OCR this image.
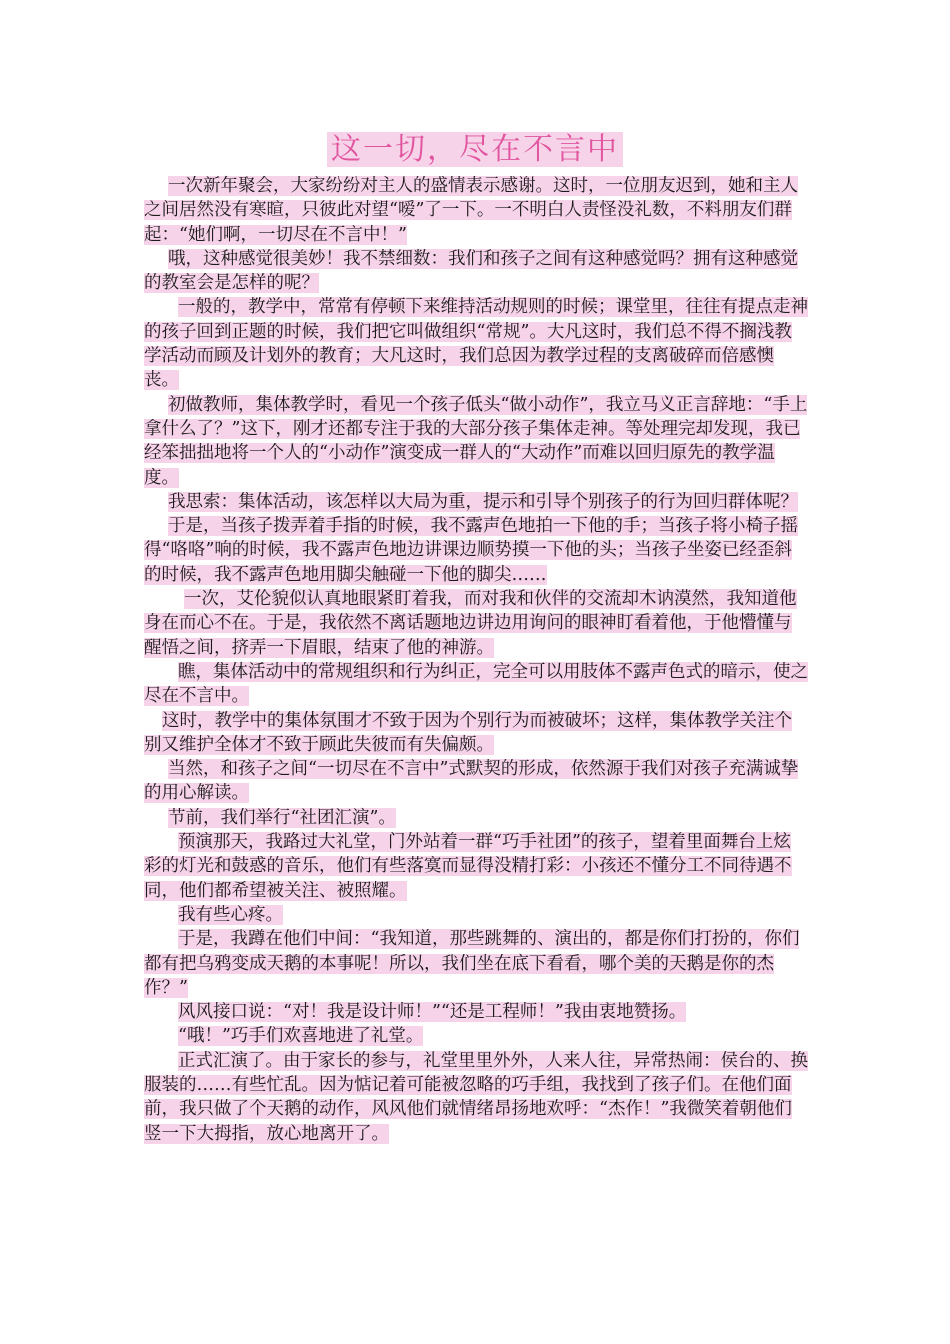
这一切，尽在不言中

一次新年聚会，大家纷纷对主人的盛情表示感谢。这时，一位朋友迟到，她和主人之间居然没有寒暄，只彼此对望“嗳”了一下。一不明白人责怪没礼数，不料朋友们群起：“她们啊，一切尽在不言中！”

哦，这种感觉很美妙！我不禁细数：我们和孩子之间有这种感觉吗？拥有这种感觉的教室会是怎样的呢？

一般的，教学中，常常有停顿下来维持活动规则的时候；课堂里，往往有提点走神的孩子回到正题的时候，我们把它叫做组织“常规”。大凡这时，我们总不得不搁浅教学活动而顾及计划外的教育；大凡这时，我们总因为教学过程的支离破碎而倍感懊丧。

初做教师，集体教学时，看见一个孩子低头“做小动作”，我立马义正言辞地：“手上拿什么了？”这下，刚才还都专注于我的大部分孩子集体走神。等处理完却发现，我已经笨拙拙地将一个人的“小动作”演变成一群人的“大动作”而难以回归原先的教学温度。

我思索：集体活动，该怎样以大局为重，提示和引导个别孩子的行为回归群体呢？

于是，当孩子拨弄着手指的时候，我不露声色地拍一下他的手；当孩子将小椅子摇得“咯咯”响的时候，我不露声色地边讲课边顺势摸一下他的头；当孩子坐姿已经歪斜的时候，我不露声色地用脚尖触碰一下他的脚尖……

一次，艾伦貌似认真地眼紧盯着我，而对我和伙伴的交流却木讷漠然，我知道他身在而心不在。于是，我依然不离话题地边讲边用询问的眼神盯看着他，于他懵懂与醒悟之间，挤弄一下眉眼，结束了他的神游。

瞧，集体活动中的常规组织和行为纠正，完全可以用肢体不露声色式的暗示，使之尽在不言中。

这时，教学中的集体氛围才不致于因为个别行为而被破坏；这样，集体教学关注个别又维护全体才不致于顾此失彼而有失偏颇。

当然，和孩子之间“一切尽在不言中”式默契的形成，依然源于我们对孩子充满诚挚的用心解读。

节前，我们举行“社团汇演”。

预演那天，我路过大礼堂，门外站着一群“巧手社团”的孩子，望着里面舞台上炫彩的灯光和鼓惑的音乐，他们有些落寞而显得没精打彩：小孩还不懂分工不同待遇不同，他们都希望被关注、被照耀。

我有些心疼。

于是，我蹲在他们中间：“我知道，那些跳舞的、演出的，都是你们打扮的，你们都有把乌鸦变成天鹅的本事呢！所以，我们坐在底下看看，哪个美的天鹅是你的杰作？”

风风接口说：“对！我是设计师！”“还是工程师！”我由衷地赞扬。

“哦！”巧手们欢喜地进了礼堂。

正式汇演了。由于家长的参与，礼堂里里外外，人来人往，异常热闹：侯台的、换服装的……有些忙乱。因为惦记着可能被忽略的巧手组，我找到了孩子们。在他们面前，我只做了个天鹅的动作，风风他们就情绪昂扬地欢呼：“杰作！”我微笑着朝他们竖一下大拇指，放心地离开了。
